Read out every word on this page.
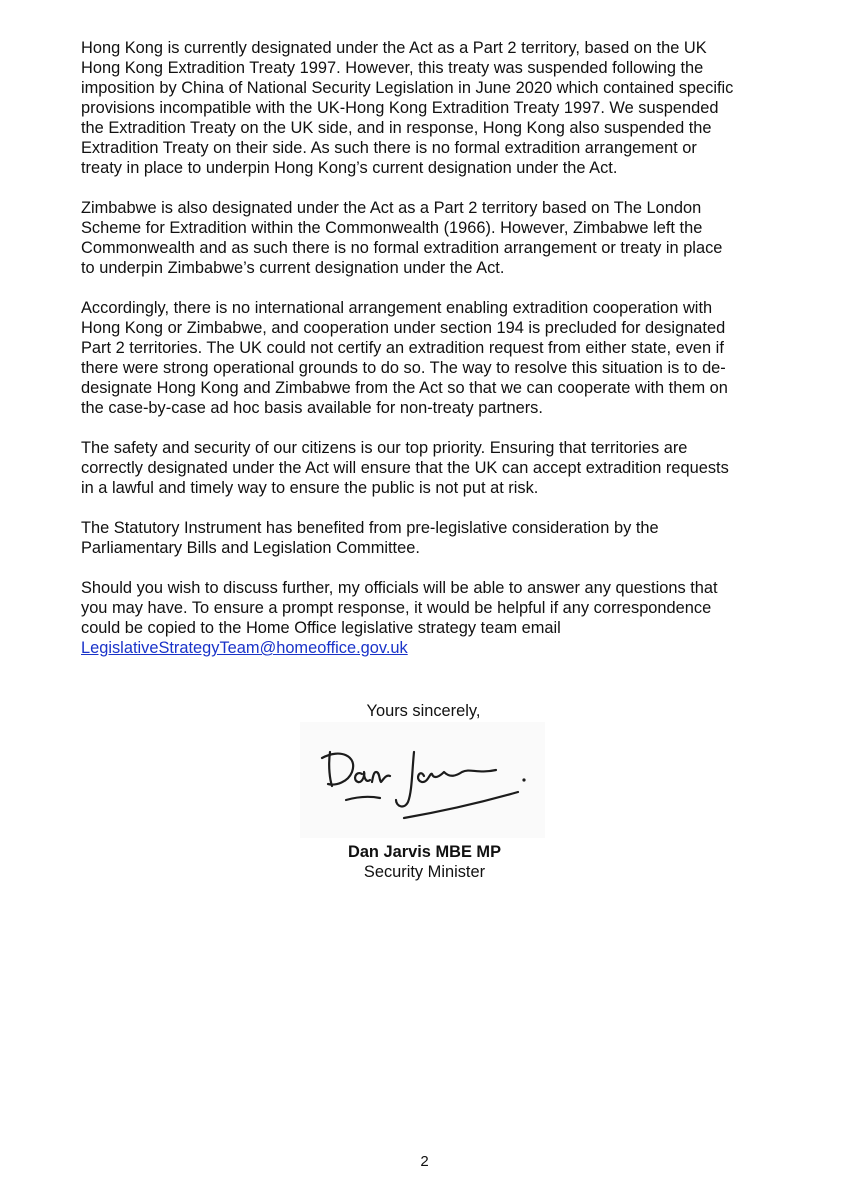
Hong Kong is currently designated under the Act as a Part 2 territory, based on the UK
Hong Kong Extradition Treaty 1997. However, this treaty was suspended following the
imposition by China of National Security Legislation in June 2020 which contained specific
provisions incompatible with the UK-Hong Kong Extradition Treaty 1997. We suspended
the Extradition Treaty on the UK side, and in response, Hong Kong also suspended the
Extradition Treaty on their side. As such there is no formal extradition arrangement or
treaty in place to underpin Hong Kong’s current designation under the Act.

Zimbabwe is also designated under the Act as a Part 2 territory based on The London
Scheme for Extradition within the Commonwealth (1966). However, Zimbabwe left the
Commonwealth and as such there is no formal extradition arrangement or treaty in place
to underpin Zimbabwe’s current designation under the Act.

Accordingly, there is no international arrangement enabling extradition cooperation with
Hong Kong or Zimbabwe, and cooperation under section 194 is precluded for designated
Part 2 territories. The UK could not certify an extradition request from either state, even if
there were strong operational grounds to do so. The way to resolve this situation is to de-
designate Hong Kong and Zimbabwe from the Act so that we can cooperate with them on
the case-by-case ad hoc basis available for non-treaty partners.

The safety and security of our citizens is our top priority. Ensuring that territories are
correctly designated under the Act will ensure that the UK can accept extradition requests
in a lawful and timely way to ensure the public is not put at risk.

The Statutory Instrument has benefited from pre-legislative consideration by the
Parliamentary Bills and Legislation Committee.

Should you wish to discuss further, my officials will be able to answer any questions that
you may have. To ensure a prompt response, it would be helpful if any correspondence
could be copied to the Home Office legislative strategy team email
LegislativeStrategyTeam@homeoffice.gov.uk

Yours sincerely,
Dan Jarvis MBE MP
Security Minister
2
